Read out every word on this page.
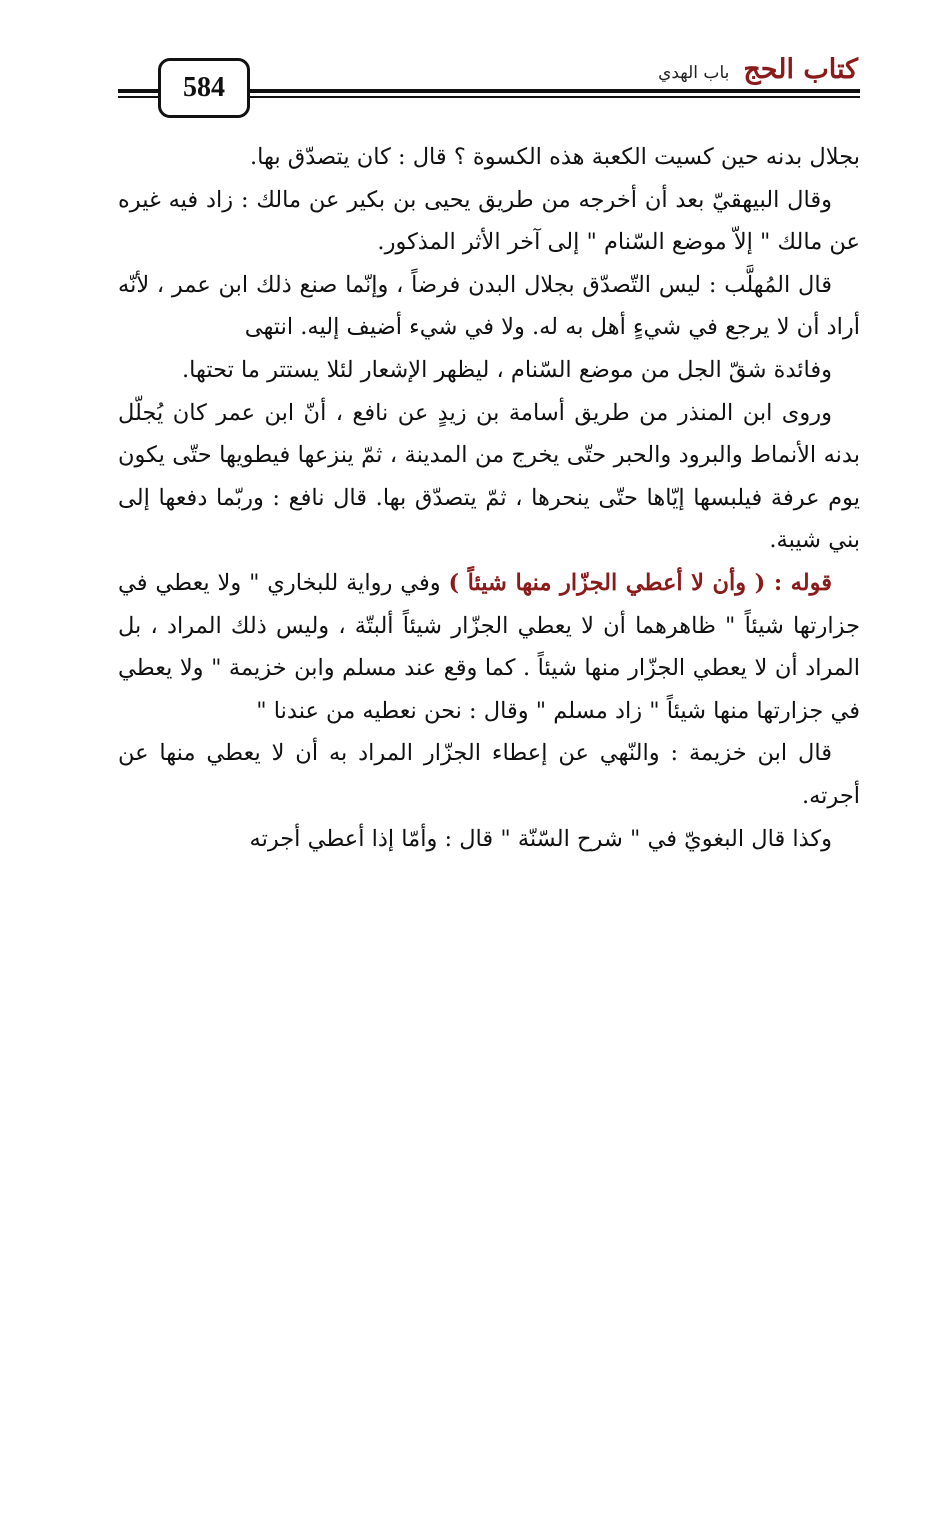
584
كتاب الحج
باب الهدي

بجلال بدنه حين كسيت الكعبة هذه الكسوة ؟ قال : كان يتصدّق بها.

وقال البيهقيّ بعد أن أخرجه من طريق يحيى بن بكير عن مالك : زاد فيه غيره عن مالك " إلاّ موضع السّنام " إلى آخر الأثر المذكور.

قال المُهلَّب : ليس التّصدّق بجلال البدن فرضاً ، وإنّما صنع ذلك ابن عمر ، لأنّه أراد أن لا يرجع في شيءٍ أهل به له. ولا في شيء أضيف إليه. انتهى

وفائدة شقّ الجل من موضع السّنام ، ليظهر الإشعار لئلا يستتر ما تحتها.

وروى ابن المنذر من طريق أسامة بن زيدٍ عن نافع ، أنّ ابن عمر كان يُجلّل بدنه الأنماط والبرود والحبر حتّى يخرج من المدينة ، ثمّ ينزعها فيطويها حتّى يكون يوم عرفة فيلبسها إيّاها حتّى ينحرها ، ثمّ يتصدّق بها. قال نافع : وربّما دفعها إلى بني شيبة.

قوله : ( وأن لا أعطي الجزّار منها شيئاً ) وفي رواية للبخاري " ولا يعطي في جزارتها شيئاً " ظاهرهما أن لا يعطي الجزّار شيئاً ألبتّة ، وليس ذلك المراد ، بل المراد أن لا يعطي الجزّار منها شيئاً . كما وقع عند مسلم وابن خزيمة " ولا يعطي في جزارتها منها شيئاً " زاد مسلم " وقال : نحن نعطيه من عندنا "

قال ابن خزيمة : والنّهي عن إعطاء الجزّار المراد به أن لا يعطي منها عن أجرته.

وكذا قال البغويّ في " شرح السّنّة " قال : وأمّا إذا أعطي أجرته
